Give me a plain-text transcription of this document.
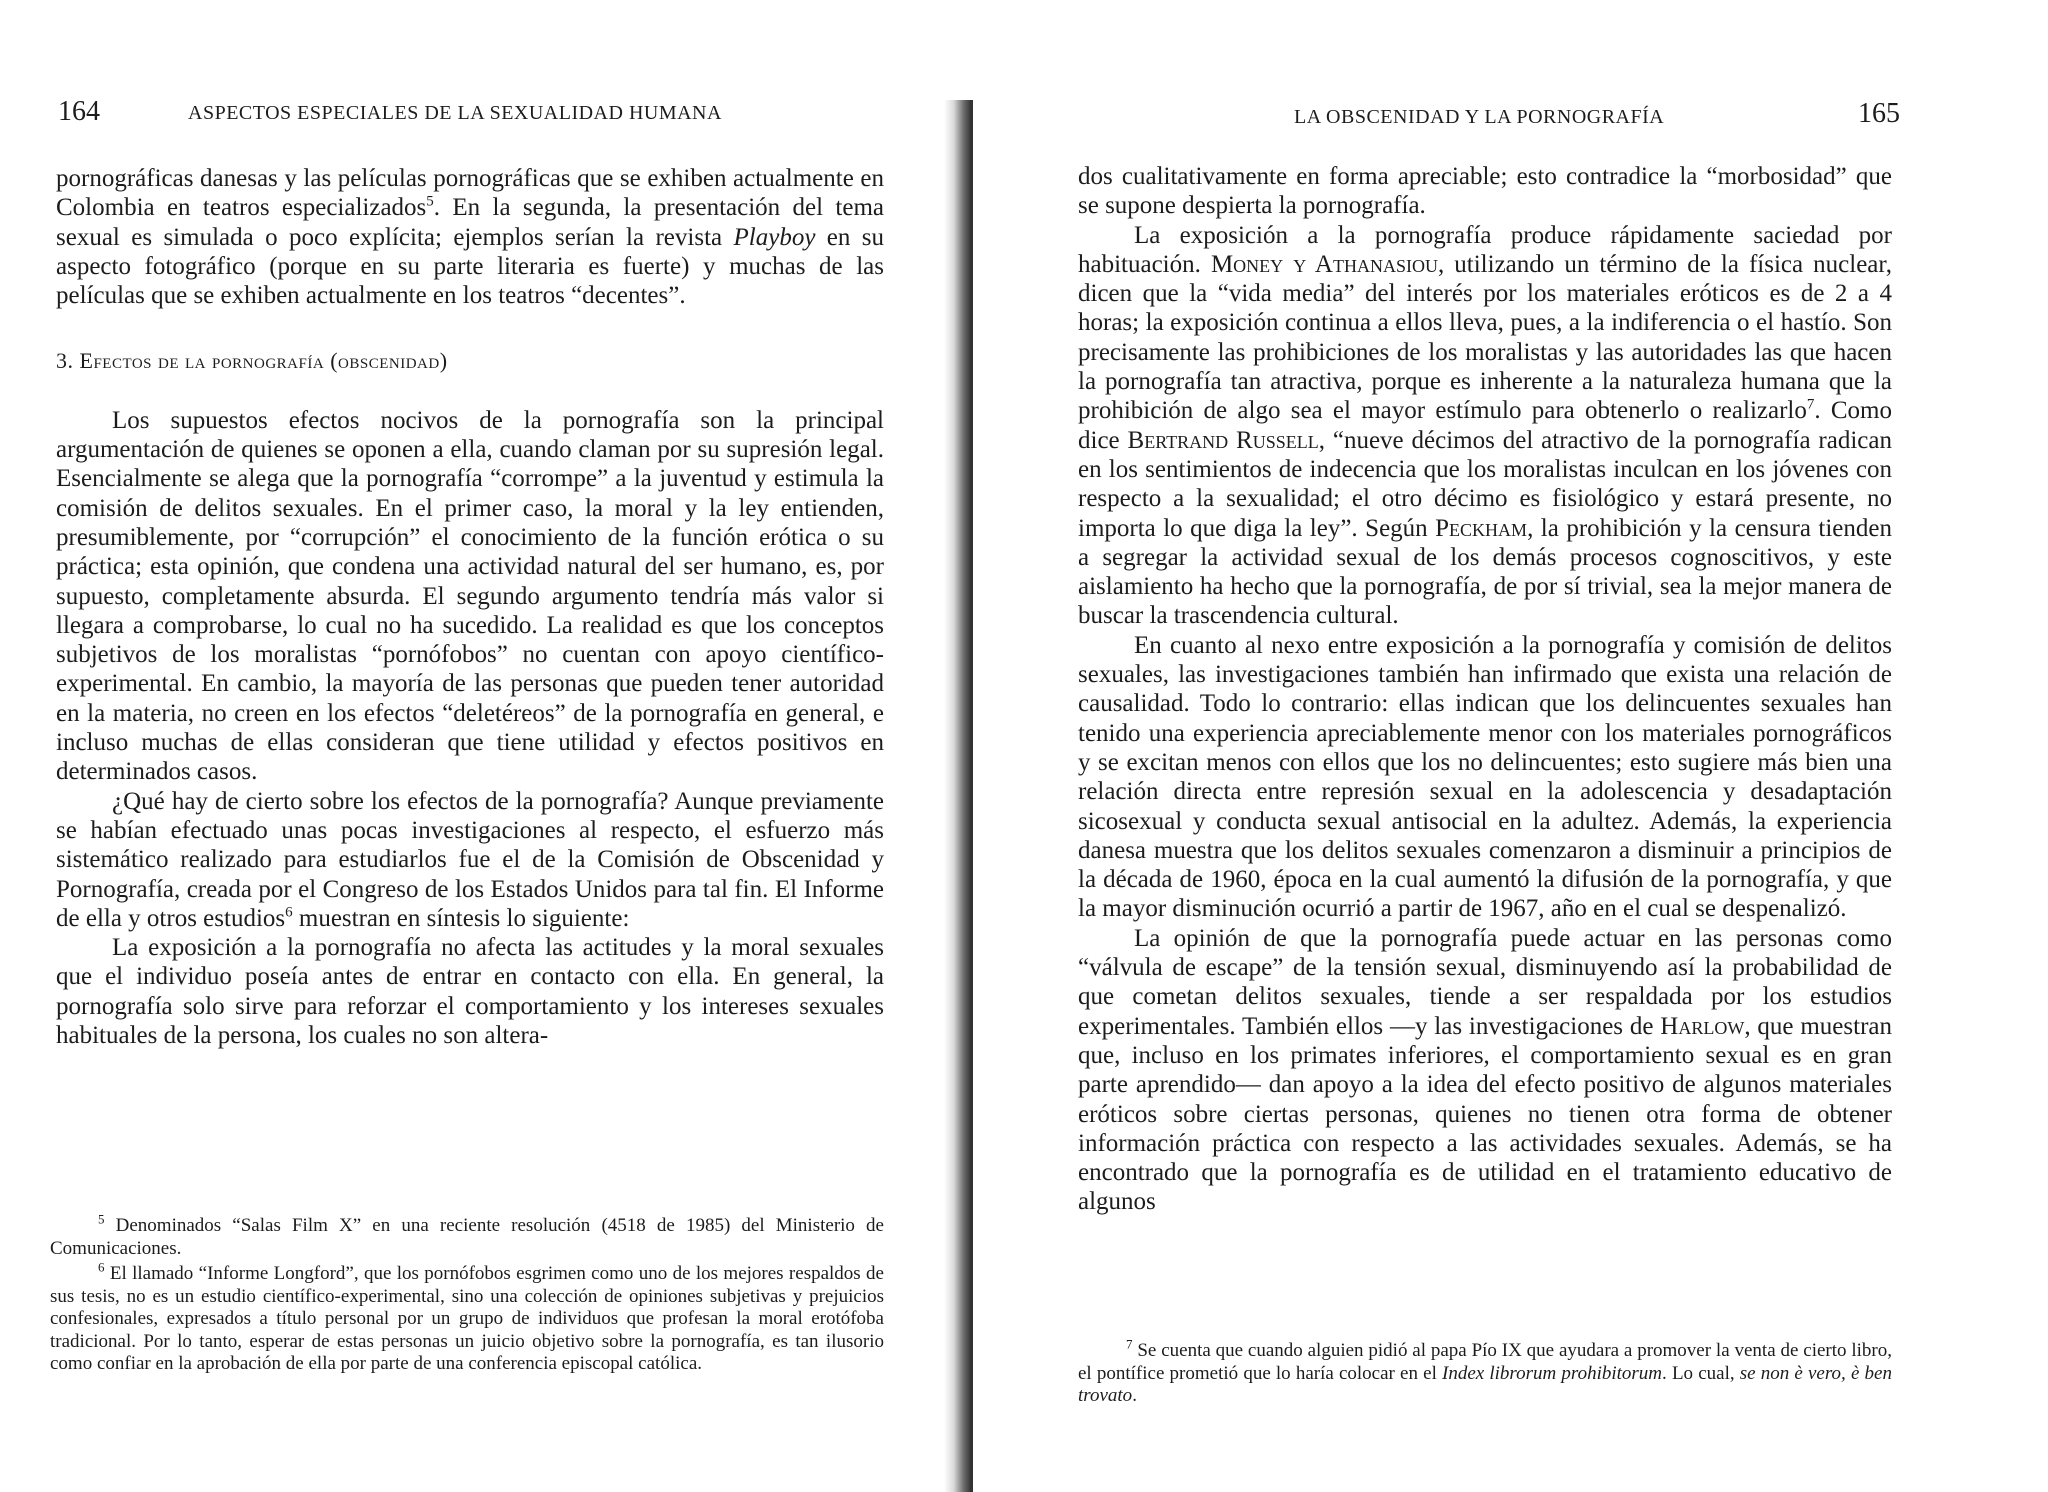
164	ASPECTOS ESPECIALES DE LA SEXUALIDAD HUMANA

pornográficas danesas y las películas pornográficas que se exhiben actualmente en Colombia en teatros especializados$^5$. En la segunda, la presentación del tema sexual es simulada o poco explícita; ejemplos serían la revista Playboy en su aspecto fotográfico (porque en su parte literaria es fuerte) y muchas de las películas que se exhiben actualmente en los teatros “decentes”.

3. Efectos de la pornografía (obscenidad)

Los supuestos efectos nocivos de la pornografía son la principal argumentación de quienes se oponen a ella, cuando claman por su supresión legal. Esencialmente se alega que la pornografía “corrompe” a la juventud y estimula la comisión de delitos sexuales. En el primer caso, la moral y la ley entienden, presumiblemente, por “corrupción” el conocimiento de la función erótica o su práctica; esta opinión, que condena una actividad natural del ser humano, es, por supuesto, completamente absurda. El segundo argumento tendría más valor si llegara a comprobarse, lo cual no ha sucedido. La realidad es que los conceptos subjetivos de los moralistas “pornófobos” no cuentan con apoyo científico-experimental. En cambio, la mayoría de las personas que pueden tener autoridad en la materia, no creen en los efectos “deletéreos” de la pornografía en general, e incluso muchas de ellas consideran que tiene utilidad y efectos positivos en determinados casos.

¿Qué hay de cierto sobre los efectos de la pornografía? Aunque previamente se habían efectuado unas pocas investigaciones al respecto, el esfuerzo más sistemático realizado para estudiarlos fue el de la Comisión de Obscenidad y Pornografía, creada por el Congreso de los Estados Unidos para tal fin. El Informe de ella y otros estudios$^6$ muestran en síntesis lo siguiente:

La exposición a la pornografía no afecta las actitudes y la moral sexuales que el individuo poseía antes de entrar en contacto con ella. En general, la pornografía solo sirve para reforzar el comportamiento y los intereses sexuales habituales de la persona, los cuales no son altera-

$^5$ Denominados “Salas Film X” en una reciente resolución (4518 de 1985) del Ministerio de Comunicaciones.

$^6$ El llamado “Informe Longford”, que los pornófobos esgrimen como uno de los mejores respaldos de sus tesis, no es un estudio científico-experimental, sino una colección de opiniones subjetivas y prejuicios confesionales, expresados a título personal por un grupo de individuos que profesan la moral erotófoba tradicional. Por lo tanto, esperar de estas personas un juicio objetivo sobre la pornografía, es tan ilusorio como confiar en la aprobación de ella por parte de una conferencia episcopal católica.

LA OBSCENIDAD Y LA PORNOGRAFÍA	165

dos cualitativamente en forma apreciable; esto contradice la “morbosidad” que se supone despierta la pornografía.

La exposición a la pornografía produce rápidamente saciedad por habituación. Money y Athanasiou, utilizando un término de la física nuclear, dicen que la “vida media” del interés por los materiales eróticos es de 2 a 4 horas; la exposición continua a ellos lleva, pues, a la indiferencia o el hastío. Son precisamente las prohibiciones de los moralistas y las autoridades las que hacen la pornografía tan atractiva, porque es inherente a la naturaleza humana que la prohibición de algo sea el mayor estímulo para obtenerlo o realizarlo$^7$. Como dice Bertrand Russell, “nueve décimos del atractivo de la pornografía radican en los sentimientos de indecencia que los moralistas inculcan en los jóvenes con respecto a la sexualidad; el otro décimo es fisiológico y estará presente, no importa lo que diga la ley”. Según Peckham, la prohibición y la censura tienden a segregar la actividad sexual de los demás procesos cognoscitivos, y este aislamiento ha hecho que la pornografía, de por sí trivial, sea la mejor manera de buscar la trascendencia cultural.

En cuanto al nexo entre exposición a la pornografía y comisión de delitos sexuales, las investigaciones también han infirmado que exista una relación de causalidad. Todo lo contrario: ellas indican que los delincuentes sexuales han tenido una experiencia apreciablemente menor con los materiales pornográficos y se excitan menos con ellos que los no delincuentes; esto sugiere más bien una relación directa entre represión sexual en la adolescencia y desadaptación sicosexual y conducta sexual antisocial en la adultez. Además, la experiencia danesa muestra que los delitos sexuales comenzaron a disminuir a principios de la década de 1960, época en la cual aumentó la difusión de la pornografía, y que la mayor disminución ocurrió a partir de 1967, año en el cual se despenalizó.

La opinión de que la pornografía puede actuar en las personas como “válvula de escape” de la tensión sexual, disminuyendo así la probabilidad de que cometan delitos sexuales, tiende a ser respaldada por los estudios experimentales. También ellos —y las investigaciones de Harlow, que muestran que, incluso en los primates inferiores, el comportamiento sexual es en gran parte aprendido— dan apoyo a la idea del efecto positivo de algunos materiales eróticos sobre ciertas personas, quienes no tienen otra forma de obtener información práctica con respecto a las actividades sexuales. Además, se ha encontrado que la pornografía es de utilidad en el tratamiento educativo de algunos

$^7$ Se cuenta que cuando alguien pidió al papa Pío IX que ayudara a promover la venta de cierto libro, el pontífice prometió que lo haría colocar en el Index librorum prohibitorum. Lo cual, se non è vero, è ben trovato.
